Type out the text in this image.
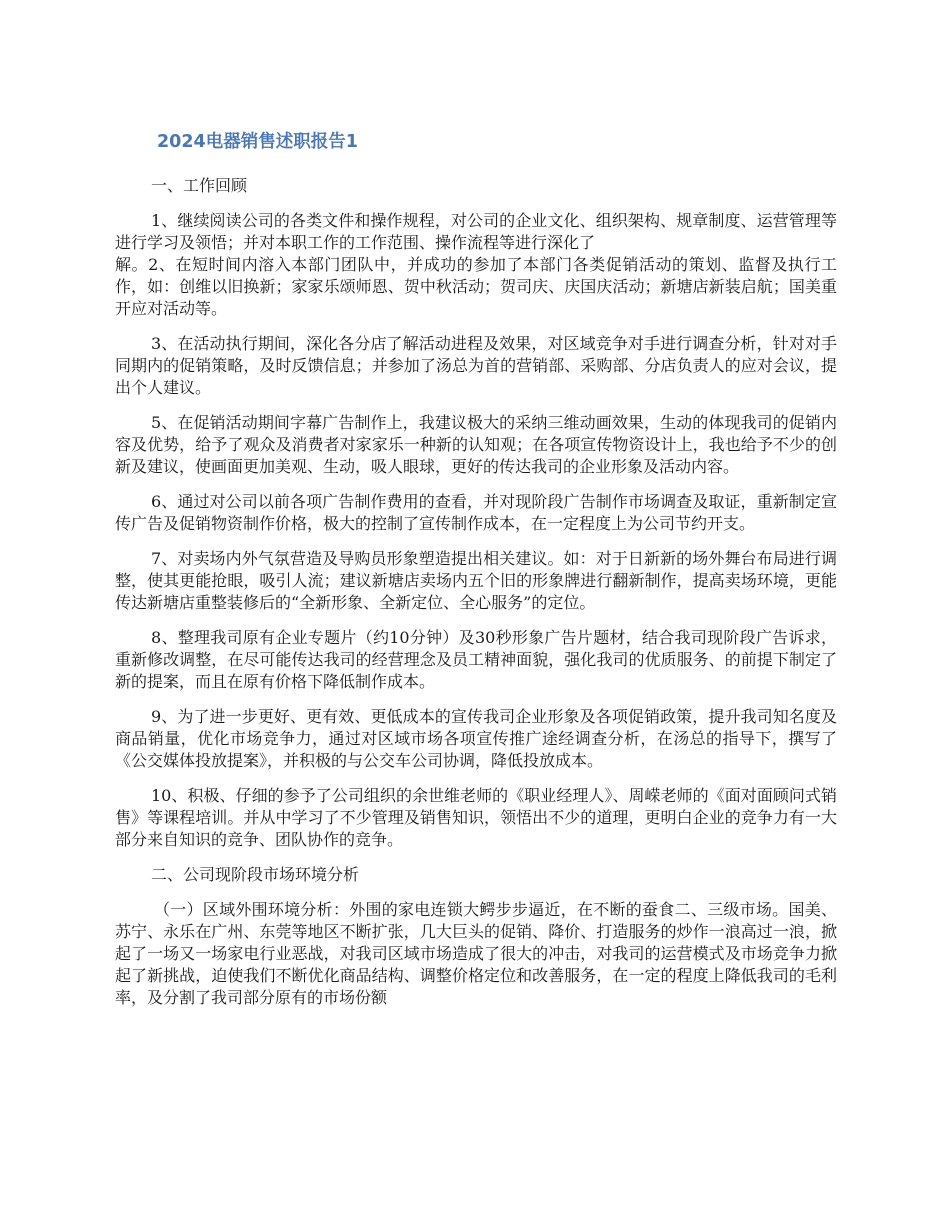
2024电器销售述职报告1
一、工作回顾

1、继续阅读公司的各类文件和操作规程，对公司的企业文化、组织架构、规章制度、运营管理等进行学习及领悟；并对本职工作的工作范围、操作流程等进行深化了

解。2、在短时间内溶入本部门团队中，并成功的参加了本部门各类促销活动的策划、监督及执行工作，如：创维以旧换新；家家乐颂师恩、贺中秋活动；贺司庆、庆国庆活动；新塘店新装启航；国美重开应对活动等。

3、在活动执行期间，深化各分店了解活动进程及效果，对区域竞争对手进行调查分析，针对对手同期内的促销策略，及时反馈信息；并参加了汤总为首的营销部、采购部、分店负责人的应对会议，提出个人建议。

5、在促销活动期间字幕广告制作上，我建议极大的采纳三维动画效果，生动的体现我司的促销内容及优势，给予了观众及消费者对家家乐一种新的认知观；在各项宣传物资设计上，我也给予不少的创新及建议，使画面更加美观、生动，吸人眼球，更好的传达我司的企业形象及活动内容。

6、通过对公司以前各项广告制作费用的查看，并对现阶段广告制作市场调查及取证，重新制定宣传广告及促销物资制作价格，极大的控制了宣传制作成本，在一定程度上为公司节约开支。

7、对卖场内外气氛营造及导购员形象塑造提出相关建议。如：对于日新新的场外舞台布局进行调整，使其更能抢眼，吸引人流；建议新塘店卖场内五个旧的形象牌进行翻新制作，提高卖场环境，更能传达新塘店重整装修后的“全新形象、全新定位、全心服务”的定位。

8、整理我司原有企业专题片（约10分钟）及30秒形象广告片题材，结合我司现阶段广告诉求，重新修改调整，在尽可能传达我司的经营理念及员工精神面貌，强化我司的优质服务、的前提下制定了新的提案，而且在原有价格下降低制作成本。

9、为了进一步更好、更有效、更低成本的宣传我司企业形象及各项促销政策，提升我司知名度及商品销量，优化市场竞争力，通过对区域市场各项宣传推广途经调查分析，在汤总的指导下，撰写了《公交媒体投放提案》，并积极的与公交车公司协调，降低投放成本。

10、积极、仔细的参予了公司组织的余世维老师的《职业经理人》、周嵘老师的《面对面顾问式销售》等课程培训。并从中学习了不少管理及销售知识，领悟出不少的道理，更明白企业的竞争力有一大部分来自知识的竞争、团队协作的竞争。

二、公司现阶段市场环境分析

（一）区域外围环境分析：外围的家电连锁大鳄步步逼近，在不断的蚕食二、三级市场。国美、苏宁、永乐在广州、东莞等地区不断扩张，几大巨头的促销、降价、打造服务的炒作一浪高过一浪，掀起了一场又一场家电行业恶战，对我司区域市场造成了很大的冲击，对我司的运营模式及市场竞争力掀起了新挑战，迫使我们不断优化商品结构、调整价格定位和改善服务，在一定的程度上降低我司的毛利率，及分割了我司部分原有的市场份额
